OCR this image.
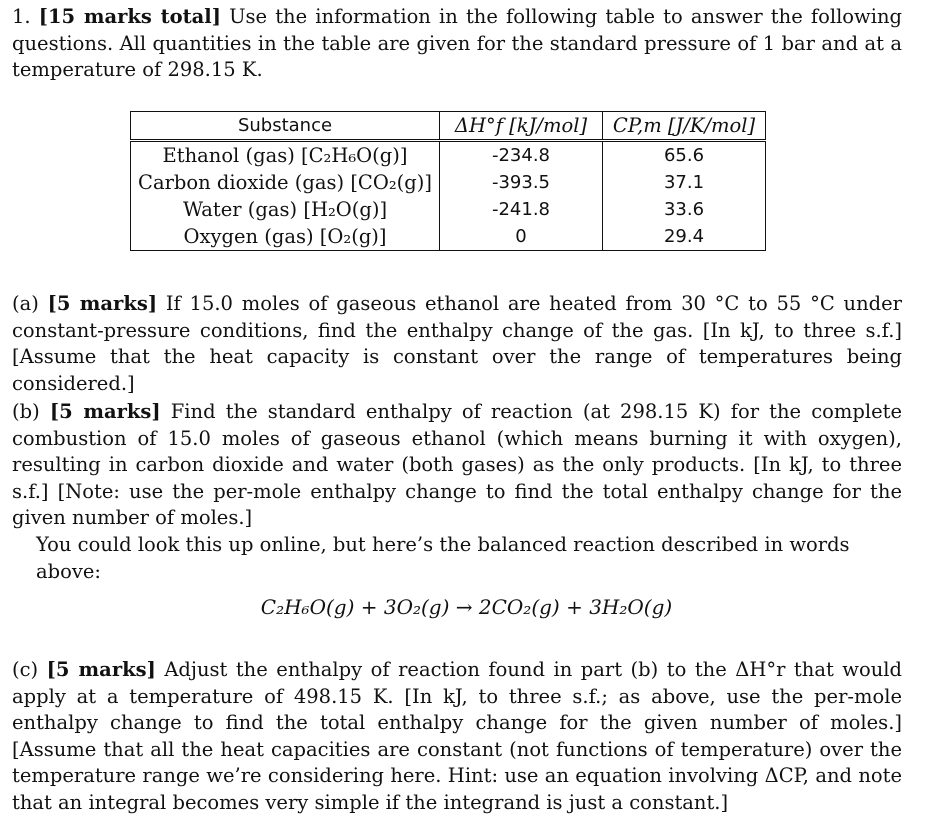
1. [15 marks total] Use the information in the following table to answer the following questions. All quantities in the table are given for the standard pressure of 1 bar and at a temperature of 298.15 K.
Substance	ΔH°f [kJ/mol]	CP,m [J/K/mol]
Ethanol (gas) [C₂H₆O(g)]	-234.8	65.6
Carbon dioxide (gas) [CO₂(g)]	-393.5	37.1
Water (gas) [H₂O(g)]	-241.8	33.6
Oxygen (gas) [O₂(g)]	0	29.4
(a) [5 marks] If 15.0 moles of gaseous ethanol are heated from 30 °C to 55 °C under constant-pressure conditions, find the enthalpy change of the gas. [In kJ, to three s.f.] [Assume that the heat capacity is constant over the range of temperatures being considered.]
(b) [5 marks] Find the standard enthalpy of reaction (at 298.15 K) for the complete combustion of 15.0 moles of gaseous ethanol (which means burning it with oxygen), resulting in carbon dioxide and water (both gases) as the only products. [In kJ, to three s.f.] [Note: use the per-mole enthalpy change to find the total enthalpy change for the given number of moles.]
You could look this up online, but here’s the balanced reaction described in words above:
C₂H₆O(g) + 3O₂(g) → 2CO₂(g) + 3H₂O(g)
(c) [5 marks] Adjust the enthalpy of reaction found in part (b) to the ΔH°r that would apply at a temperature of 498.15 K. [In kJ, to three s.f.; as above, use the per-mole enthalpy change to find the total enthalpy change for the given number of moles.] [Assume that all the heat capacities are constant (not functions of temperature) over the temperature range we’re considering here. Hint: use an equation involving ΔCP, and note that an integral becomes very simple if the integrand is just a constant.]
